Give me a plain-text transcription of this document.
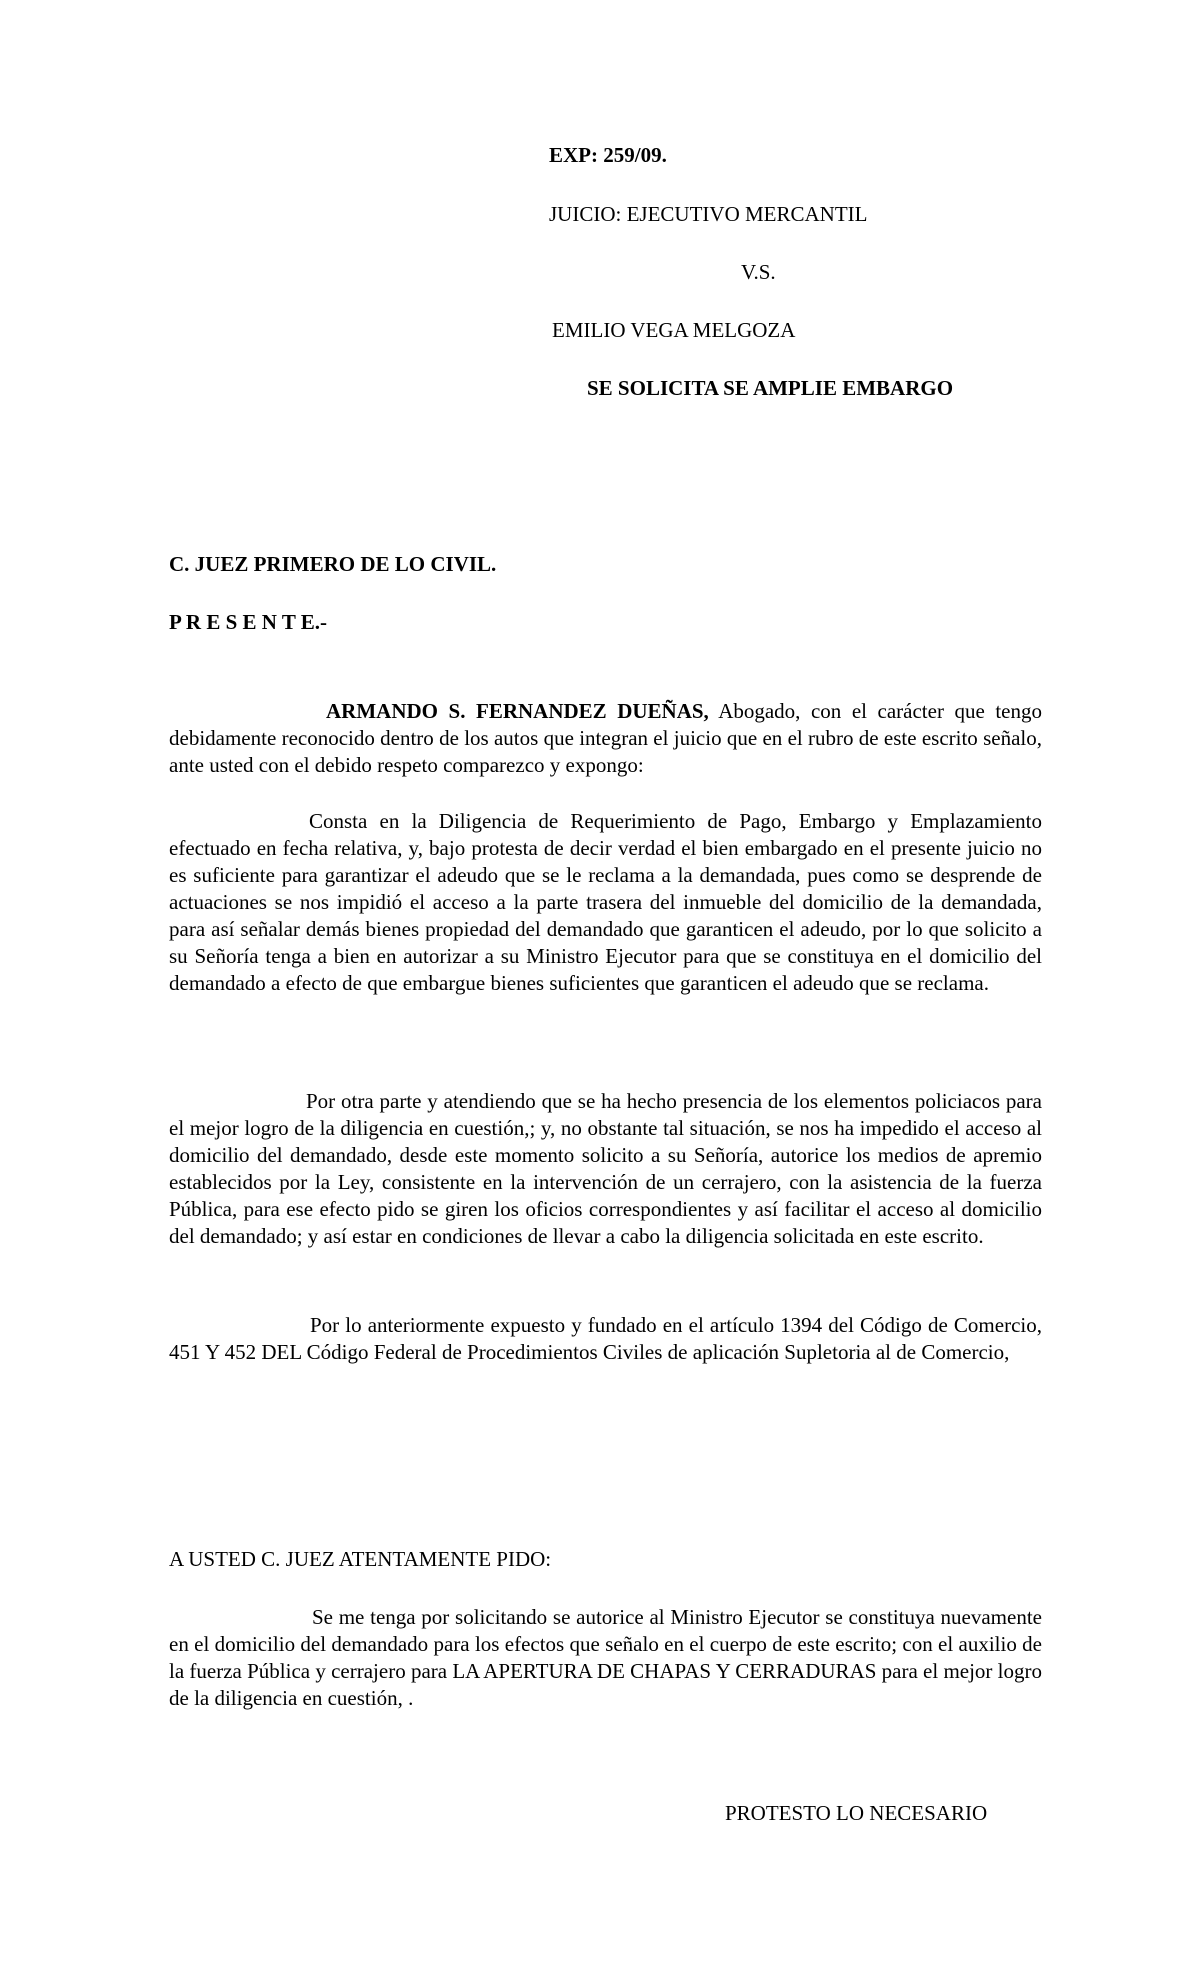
EXP: 259/09.
JUICIO: EJECUTIVO MERCANTIL
V.S.
EMILIO VEGA MELGOZA
SE SOLICITA SE AMPLIE EMBARGO
C. JUEZ PRIMERO DE LO CIVIL.
P R E S E N T E.-

ARMANDO S. FERNANDEZ DUEÑAS, Abogado, con el carácter que tengo debidamente reconocido dentro de los autos que integran el juicio que en el rubro de este escrito señalo, ante usted con el debido respeto comparezco y expongo:

Consta en la Diligencia de Requerimiento de Pago, Embargo y Emplazamiento efectuado en fecha relativa, y, bajo protesta de decir verdad el bien embargado en el presente juicio no es suficiente para garantizar el adeudo que se le reclama a la demandada, pues como se desprende de actuaciones se nos impidió el acceso a la parte trasera del inmueble del domicilio de la demandada, para así señalar demás bienes propiedad del demandado que garanticen el adeudo, por lo que solicito a su Señoría tenga a bien en autorizar a su Ministro Ejecutor para que se constituya en el domicilio del demandado a efecto de que embargue bienes suficientes que garanticen el adeudo que se reclama.

Por otra parte y atendiendo que se ha hecho presencia de los elementos policiacos para el mejor logro de la diligencia en cuestión,; y, no obstante tal situación, se nos ha impedido el acceso al domicilio del demandado, desde este momento solicito a su Señoría, autorice los medios de apremio establecidos por la Ley, consistente en la intervención de un cerrajero, con la asistencia de la fuerza Pública, para ese efecto pido se giren los oficios correspondientes y así facilitar el acceso al domicilio del demandado; y así estar en condiciones de llevar a cabo la diligencia solicitada en este escrito.

Por lo anteriormente expuesto y fundado en el artículo 1394 del Código de Comercio, 451 Y 452 DEL Código Federal de Procedimientos Civiles de aplicación Supletoria al de Comercio,

A USTED C. JUEZ ATENTAMENTE PIDO:

Se me tenga por solicitando se autorice al Ministro Ejecutor se constituya nuevamente en el domicilio del demandado para los efectos que señalo en el cuerpo de este escrito; con el auxilio de la fuerza Pública y cerrajero para LA APERTURA DE CHAPAS Y CERRADURAS para el mejor logro de la diligencia en cuestión, .

PROTESTO LO NECESARIO
